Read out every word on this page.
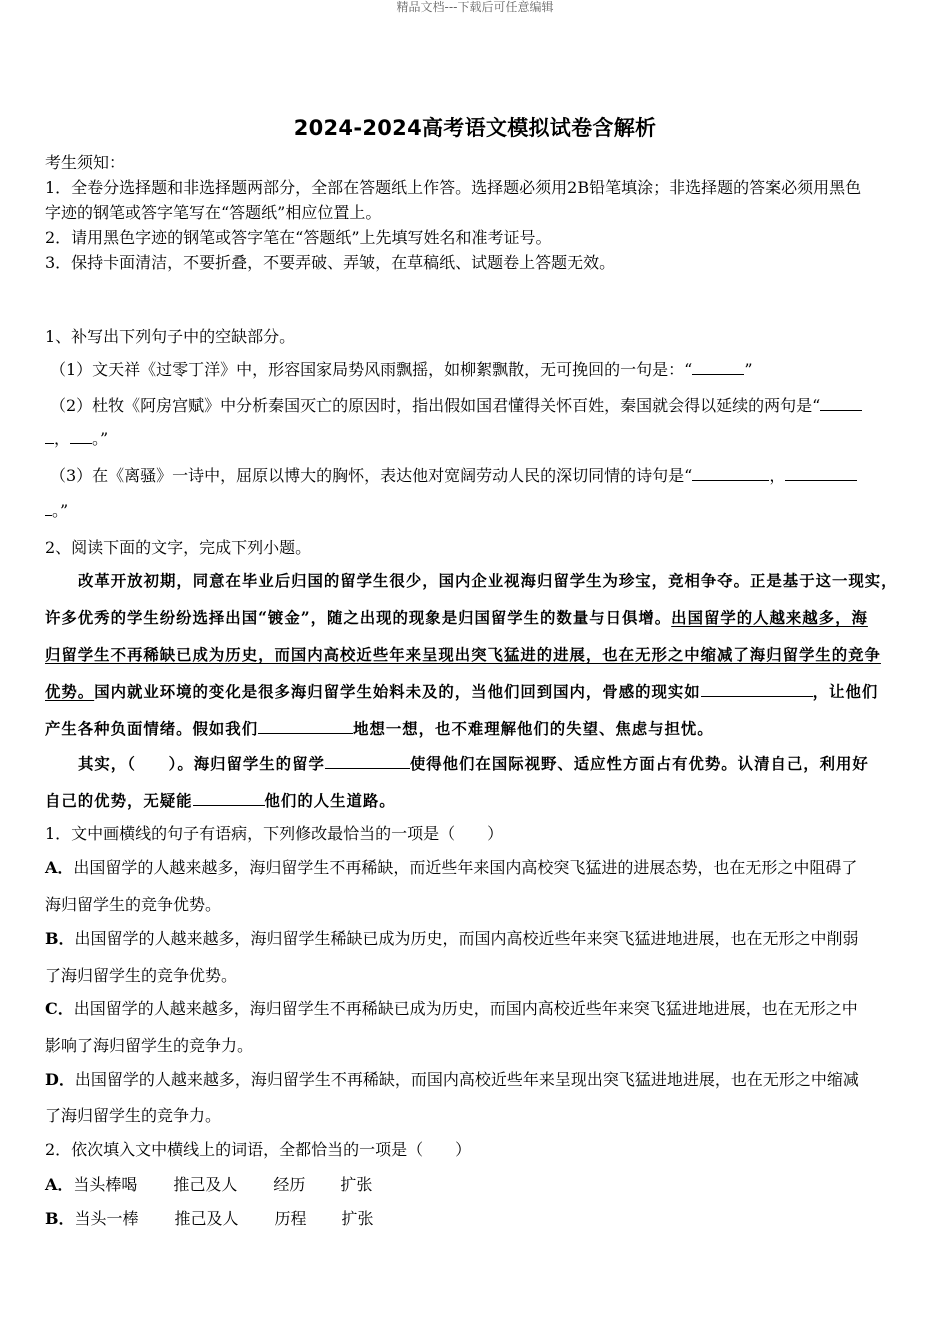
精品文档---下载后可任意编辑
2024-2024高考语文模拟试卷含解析
考生须知：
1．全卷分选择题和非选择题两部分，全部在答题纸上作答。选择题必须用2B铅笔填涂；非选择题的答案必须用黑色
字迹的钢笔或答字笔写在“答题纸”相应位置上。
2．请用黑色字迹的钢笔或答字笔在“答题纸”上先填写姓名和准考证号。
3．保持卡面清洁，不要折叠，不要弄破、弄皱，在草稿纸、试题卷上答题无效。
1、补写出下列句子中的空缺部分。
（1）文天祥《过零丁洋》中，形容国家局势风雨飘摇，如柳絮飘散，无可挽回的一句是：“	”
（2）杜牧《阿房宫赋》中分析秦国灭亡的原因时，指出假如国君懂得关怀百姓，秦国就会得以延续的两句是“
， 。”
（3）在《离骚》一诗中，屈原以博大的胸怀，表达他对宽阔劳动人民的深切同情的诗句是“	，
。”
2、阅读下面的文字，完成下列小题。
改革开放初期，同意在毕业后归国的留学生很少，国内企业视海归留学生为珍宝，竞相争夺。正是基于这一现实，
许多优秀的学生纷纷选择出国“镀金”，随之出现的现象是归国留学生的数量与日俱增。出国留学的人越来越多，海
归留学生不再稀缺已成为历史，而国内高校近些年来呈现出突飞猛进的进展，也在无形之中缩减了海归留学生的竞争
优势。国内就业环境的变化是很多海归留学生始料未及的，当他们回到国内，骨感的现实如	，让他们
产生各种负面情绪。假如我们	地想一想，也不难理解他们的失望、焦虑与担忧。
其实，（　　）。海归留学生的留学	使得他们在国际视野、适应性方面占有优势。认清自己，利用好
自己的优势，无疑能	他们的人生道路。
1．文中画横线的句子有语病，下列修改最恰当的一项是（　　）
A．出国留学的人越来越多，海归留学生不再稀缺，而近些年来国内高校突飞猛进的进展态势，也在无形之中阻碍了
海归留学生的竞争优势。
B．出国留学的人越来越多，海归留学生稀缺已成为历史，而国内高校近些年来突飞猛进地进展，也在无形之中削弱
了海归留学生的竞争优势。
C．出国留学的人越来越多，海归留学生不再稀缺已成为历史，而国内高校近些年来突飞猛进地进展，也在无形之中
影响了海归留学生的竞争力。
D．出国留学的人越来越多，海归留学生不再稀缺，而国内高校近些年来呈现出突飞猛进地进展，也在无形之中缩减
了海归留学生的竞争力。
2．依次填入文中横线上的词语，全都恰当的一项是（　　）
A．当头棒喝 推己及人 经历 扩张
B．当头一棒 推己及人 历程 扩张
